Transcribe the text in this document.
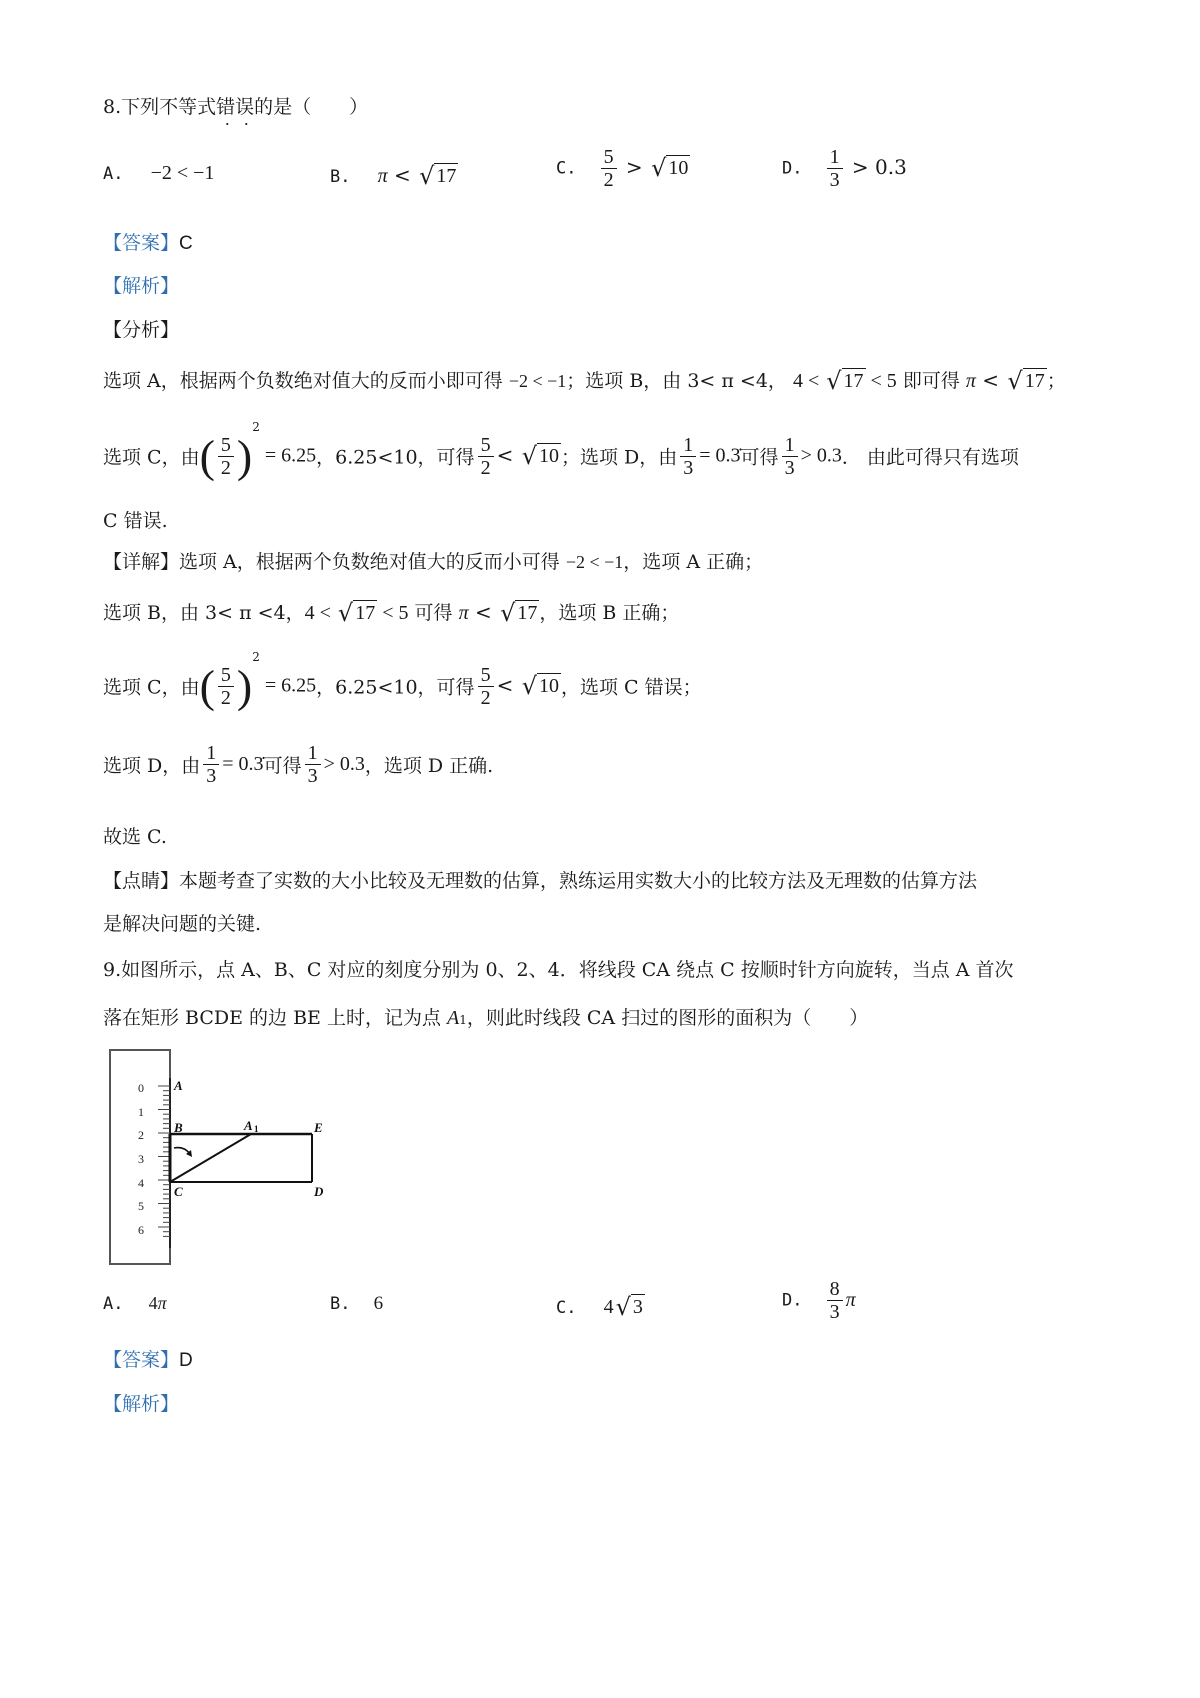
8.下列不等式错误的是（　　）
A. −2 < −1	B. π < √ 17	C. $\frac{5}{2}$ > √ 10	D. $\frac{1}{3} > 0.3$
【答案】C
【解析】
【分析】
选项 A，根据两个负数绝对值大的反而小即可得 −2 < −1；选项 B，由 3< π <4， 4 < √ 17 < 5 即可得 π < √ 17 ；
选项 C，由( $\frac{5}{2} )^2 = 6.25$，6.25<10，可得 $\frac{5}{2}$ < √ 10 ；选项 D，由 $\frac{1}{3}$ = 0.3̇可得 $\frac{1}{3} > 0.3$． 由此可得只有选项
C 错误.
【详解】选项 A，根据两个负数绝对值大的反而小可得 −2 < −1，选项 A 正确；
选项 B，由 3< π <4，4 < √ 17 < 5 可得 π < √ 17 ，选项 B 正确；
选项 C，由( $\frac{5}{2} )^2 = 6.25$，6.25<10，可得 $\frac{5}{2}$ < √ 10 ，选项 C 错误；
选项 D，由 $\frac{1}{3}$ = 0.3̇可得 $\frac{1}{3} > 0.3$，选项 D 正确.
故选 C.
【点睛】本题考查了实数的大小比较及无理数的估算，熟练运用实数大小的比较方法及无理数的估算方法
是解决问题的关键.
9.如图所示，点 A、B、C 对应的刻度分别为 0、2、4．将线段 CA 绕点 C 按顺时针方向旋转，当点 A 首次
落在矩形 BCDE 的边 BE 上时，记为点 A1，则此时线段 CA 扫过的图形的面积为（　　）
0
1
2
3
4
5
6
A
B
C
A 1	E
D
A. 4π	B. 6	C. 4√ 3	D. $\frac{8}{3}$ π
【答案】D
【解析】
